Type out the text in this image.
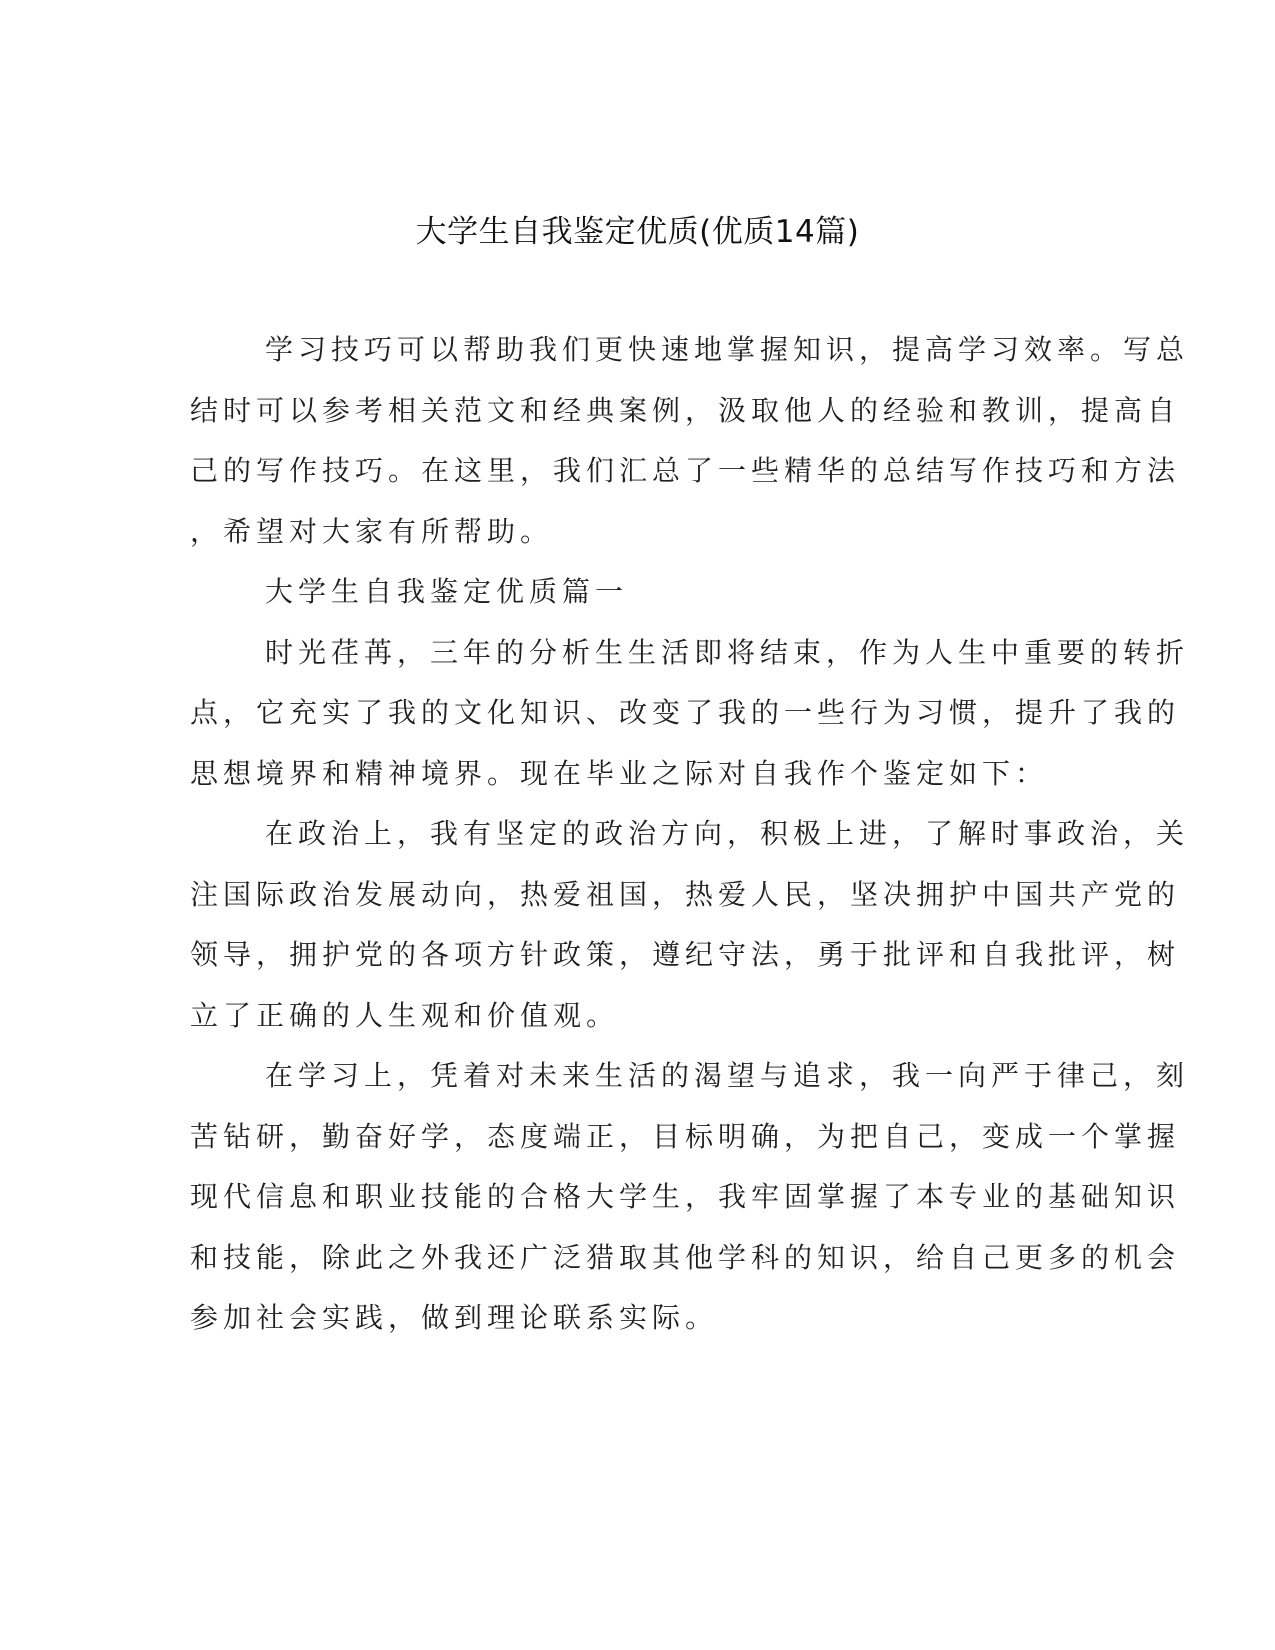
大学生自我鉴定优质(优质14篇)
学习技巧可以帮助我们更快速地掌握知识，提高学习效率。写总
结时可以参考相关范文和经典案例，汲取他人的经验和教训，提高自
己的写作技巧。在这里，我们汇总了一些精华的总结写作技巧和方法
，希望对大家有所帮助。
大学生自我鉴定优质篇一
时光荏苒，三年的分析生生活即将结束，作为人生中重要的转折
点，它充实了我的文化知识、改变了我的一些行为习惯，提升了我的
思想境界和精神境界。现在毕业之际对自我作个鉴定如下：
在政治上，我有坚定的政治方向，积极上进，了解时事政治，关
注国际政治发展动向，热爱祖国，热爱人民，坚决拥护中国共产党的
领导，拥护党的各项方针政策，遵纪守法，勇于批评和自我批评，树
立了正确的人生观和价值观。
在学习上，凭着对未来生活的渴望与追求，我一向严于律己，刻
苦钻研，勤奋好学，态度端正，目标明确，为把自己，变成一个掌握
现代信息和职业技能的合格大学生，我牢固掌握了本专业的基础知识
和技能，除此之外我还广泛猎取其他学科的知识，给自己更多的机会
参加社会实践，做到理论联系实际。
